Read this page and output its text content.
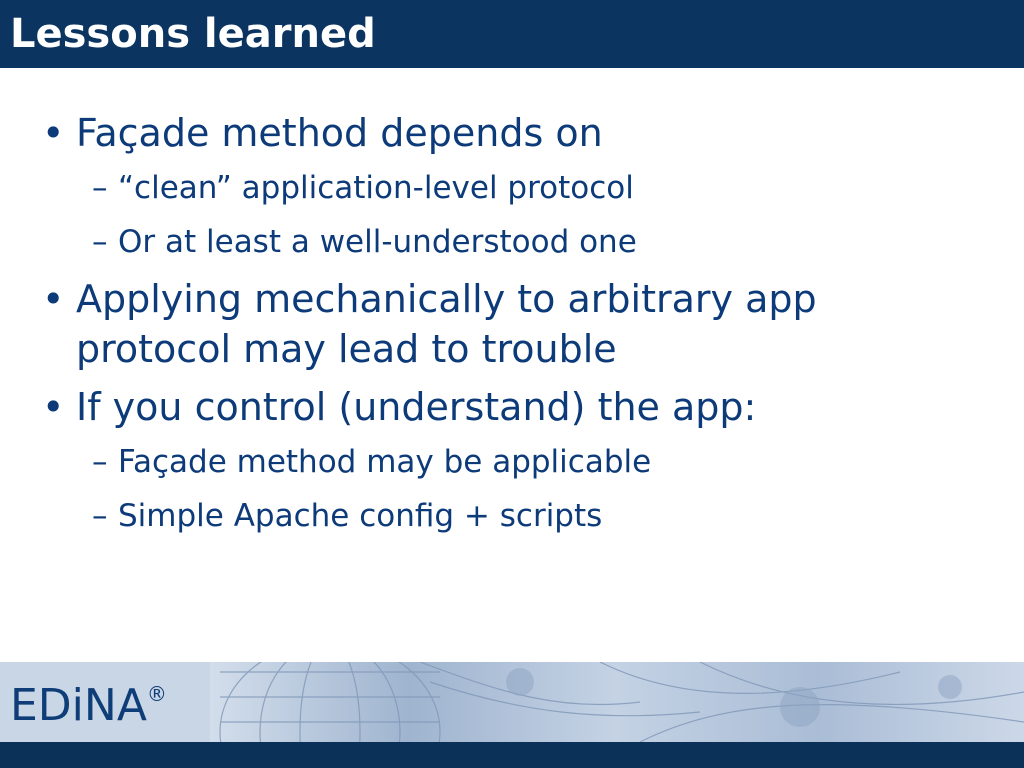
Lessons learned
• Façade method depends on
– “clean” application-level protocol
– Or at least a well-understood one
• Applying mechanically to arbitrary app
protocol may lead to trouble
• If you control (understand) the app:
– Façade method may be applicable
– Simple Apache config + scripts
EDiNA®
